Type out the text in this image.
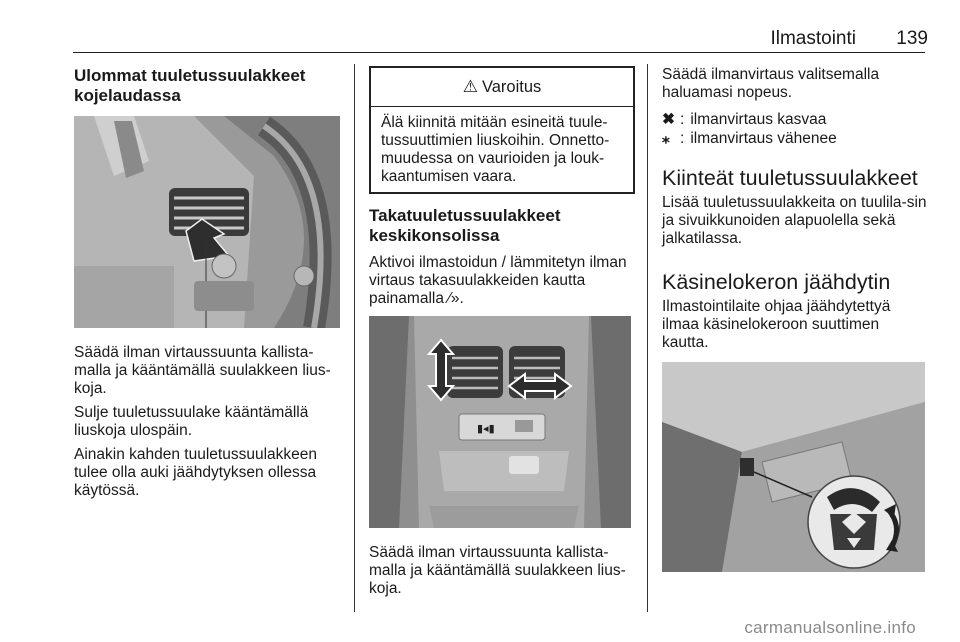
Ilmastointi 139
Ulommat tuuletussuulakkeet kojelaudassa

Säädä ilman virtaussuunta kallista-malla ja kääntämällä suulakkeen lius-koja.

Sulje tuuletussuulake kääntämällä liuskoja ulospäin.

Ainakin kahden tuuletussuulakkeen tulee olla auki jäähdytyksen ollessa käytössä.

⚠ Varoitus
Älä kiinnitä mitään esineitä tuule-tussuuttimien liuskoihin. Onnetto-muudessa on vaurioiden ja louk-kaantumisen vaara.
Takatuuletussuulakkeet keskikonsolissa

Aktivoi ilmastoidun / lämmitetyn ilman virtaus takasuulakkeiden kautta painamalla ⁄».

▮◂▮

Säädä ilman virtaussuunta kallista-malla ja kääntämällä suulakkeen lius-koja.

Säädä ilmanvirtaus valitsemalla haluamasi nopeus.

✖ : ilmanvirtaus kasvaa
⁎ : ilmanvirtaus vähenee
Kiinteät tuuletussuulakkeet

Lisää tuuletussuulakkeita on tuulila-sin ja sivuikkunoiden alapuolella sekä jalkatilassa.

Käsinelokeron jäähdytin

Ilmastointilaite ohjaa jäähdytettyä ilmaa käsinelokeroon suuttimen kautta.

carmanualsonline.info
